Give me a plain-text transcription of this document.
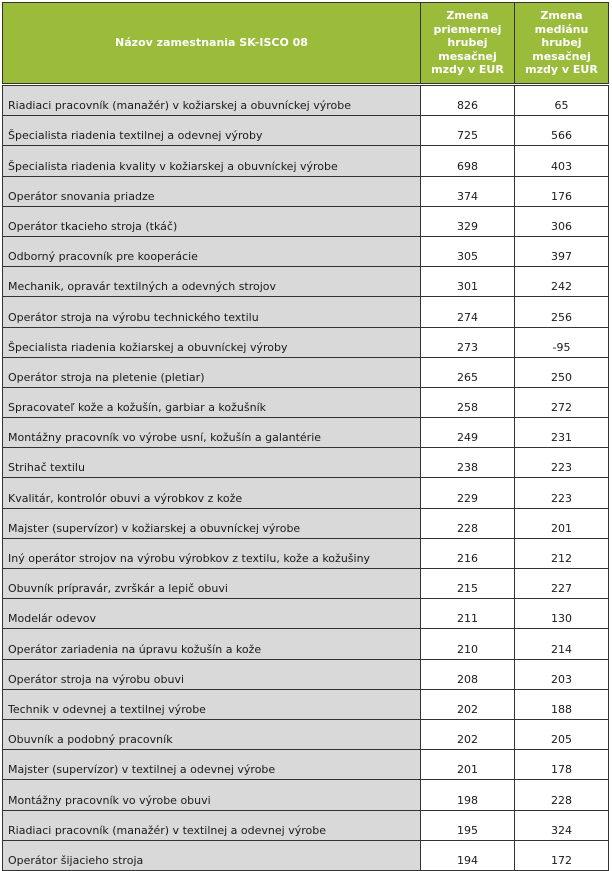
Názov zamestnania SK-ISCO 08	Zmena priemernej hrubej mesačnej mzdy v EUR	Zmena mediánu hrubej mesačnej mzdy v EUR

Riadiaci pracovník (manažér) v kožiarskej a obuvníckej výrobe	826	65
Špecialista riadenia textilnej a odevnej výroby	725	566
Špecialista riadenia kvality v kožiarskej a obuvníckej výrobe	698	403
Operátor snovania priadze	374	176
Operátor tkacieho stroja (tkáč)	329	306
Odborný pracovník pre kooperácie	305	397
Mechanik, opravár textilných a odevných strojov	301	242
Operátor stroja na výrobu technického textilu	274	256
Špecialista riadenia kožiarskej a obuvníckej výroby	273	-95
Operátor stroja na pletenie (pletiar)	265	250
Spracovateľ kože a kožušín, garbiar a kožušník	258	272
Montážny pracovník vo výrobe usní, kožušín a galantérie	249	231
Strihač textilu	238	223
Kvalitár, kontrolór obuvi a výrobkov z kože	229	223
Majster (supervízor) v kožiarskej a obuvníckej výrobe	228	201
Iný operátor strojov na výrobu výrobkov z textilu, kože a kožušiny	216	212
Obuvník prípravár, zvrškár a lepič obuvi	215	227
Modelár odevov	211	130
Operátor zariadenia na úpravu kožušín a kože	210	214
Operátor stroja na výrobu obuvi	208	203
Technik v odevnej a textilnej výrobe	202	188
Obuvník a podobný pracovník	202	205
Majster (supervízor) v textilnej a odevnej výrobe	201	178
Montážny pracovník vo výrobe obuvi	198	228
Riadiaci pracovník (manažér) v textilnej a odevnej výrobe	195	324
Operátor šijacieho stroja	194	172
